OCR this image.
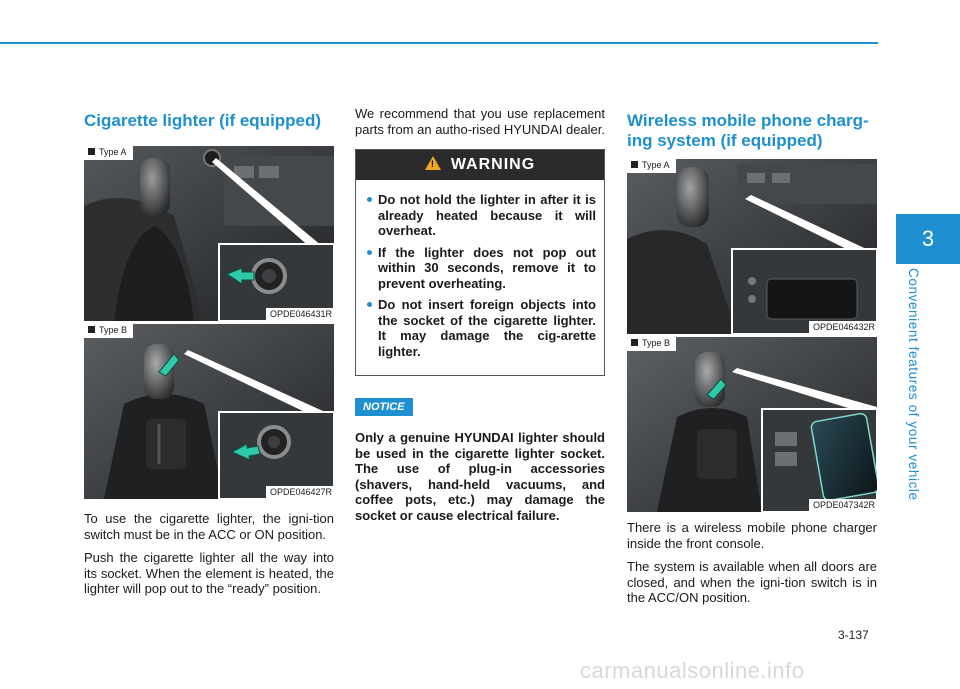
3
Convenient features of your vehicle
Cigarette lighter (if equipped)
Type A
OPDE046431R
Type B
OPDE046427R

To use the cigarette lighter, the igni-tion switch must be in the ACC or ON position.

Push the cigarette lighter all the way into its socket. When the element is heated, the lighter will pop out to the “ready” position.

We recommend that you use replacement parts from an autho-rised HYUNDAI dealer.

!WARNING
Do not hold the lighter in after it is already heated because it will overheat.
If the lighter does not pop out within 30 seconds, remove it to prevent overheating.
Do not insert foreign objects into the socket of the cigarette lighter. It may damage the cig-arette lighter.
NOTICE

Only a genuine HYUNDAI lighter should be used in the cigarette lighter socket. The use of plug-in accessories (shavers, hand-held vacuums, and coffee pots, etc.) may damage the socket or cause electrical failure.

Wireless mobile phone charg-ing system (if equipped)
Type A
OPDE046432R
Type B
OPDE047342R

There is a wireless mobile phone charger inside the front console.

The system is available when all doors are closed, and when the igni-tion switch is in the ACC/ON position.

3-137
carmanualsonline.info
